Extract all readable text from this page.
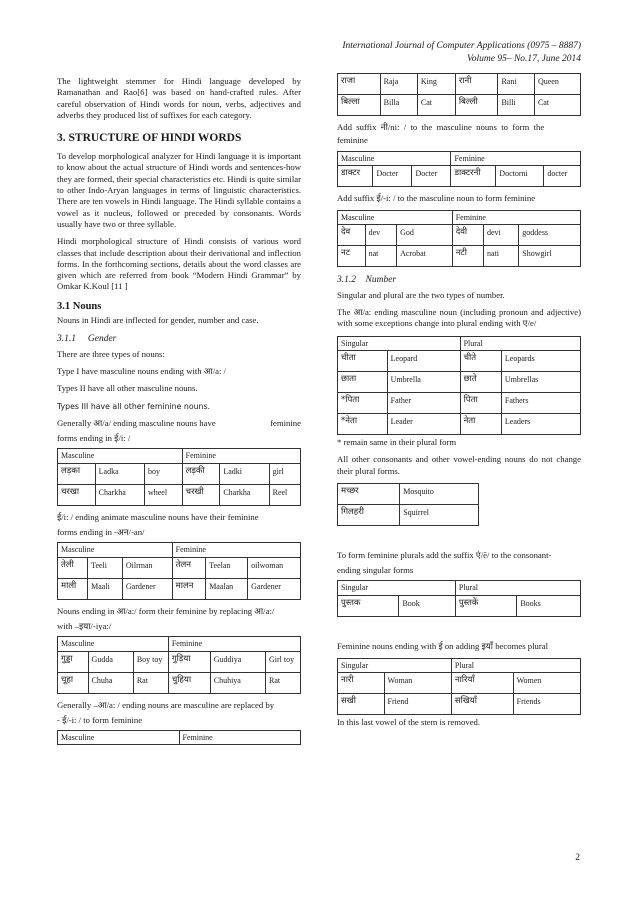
International Journal of Computer Applications (0975 – 8887)
Volume 95– No.17, June 2014

The lightweight stemmer for Hindi language developed by Ramanathan and Rao[6] was based on hand-crafted rules. After careful observation of Hindi words for noun, verbs, adjectives and adverbs they produced list of suffixes for each category.

3. STRUCTURE OF HINDI WORDS

To develop morphological analyzer for Hindi language it is important to know about the actual structure of Hindi words and sentences-how they are formed, their special characteristics etc. Hindi is quite similar to other Indo-Aryan languages in terms of linguistic characteristics. There are ten vowels in Hindi language. The Hindi syllable contains a vowel as it nucleus, followed or preceded by consonants. Words usually have two or three syllable.

Hindi morphological structure of Hindi consists of various word classes that include description about their derivational and inflection forms. In the forthcoming sections, details about the word classes are given which are referred from book “Modern Hindi Grammar” by Omkar K.Koul [11 ]

3.1 Nouns

Nouns in Hindi are inflected for gender, number and case.

3.1.1 Gender

There are three types of nouns:

Type I have masculine nouns ending with आ/a: /

Types II have all other masculine nouns.

Types III have all other feminine nouns.

Generally आ/a/ ending masculine nouns have	feminine
forms ending in ई/i: /
Masculine			Feminine		
लड़का	Ladka	boy	लड़की	Ladki	girl
चरखा	Charkha	wheel	चरखी	Charkha	Reel
ई/i: / ending animate masculine nouns have their feminine
forms ending in -अन/-an/
Masculine			Feminine		
तेली	Teeli	Oilrman	तेलन	Teelan	oilwoman
माली	Maali	Gardener	मालन	Maalan	Gardener
Nouns ending in आ/a:/ form their feminine by replacing आ/a:/
with –इया/-iya:/
Masculine			Feminine		
गुड्डा	Gudda	Boy toy	गुड़िया	Guddiya	Girl toy
चूहा	Chuha	Rat	चुहिया	Chuhiya	Rat
Generally –आ/a: / ending nouns are masculine are replaced by
- ई/-i: / to form feminine
Masculine	Feminine
राजा	Raja	King	रानी	Rani	Queen
बिल्ला	Billa	Cat	बिल्ली	Billi	Cat
Add  suffix  नी/ni:  /  to  the  masculine  nouns  to  form  the
feminine
Masculine			Feminine		
डाक्टर	Docter	Docter	डाक्टरनी	Doctorni	docter

Add suffix ई/-i: / to the masculine noun to form feminine

Masculine			Feminine		
देव	dev	God	देवी	devi	goddess
नट	nat	Acrobat	नटी	nati	Showgirl
3.1.2 Number

Singular and plural are the two types of number.

The आ/a: ending masculine noun (including pronoun and adjective) with some exceptions change into plural ending with ए/e/

Singular		Plural	
चीता	Leopard	चीते	Leopards
छाता	Umbrella	छाते	Umbrellas
*पिता	Father	पिता	Fathers
*नेता	Leader	नेता	Leaders

* remain same in their plural form

All other consonants and other vowel-ending nouns do not change their plural forms.

मच्छर	Mosquito
गिलहरी	Squirrel
To form feminine plurals add the suffix एं/ẽ/ to the consonant-
ending singular forms
Singular		Plural	
पुस्तक	Book	पुस्तकें	Books

Feminine nouns ending with ई on adding इयाँ becomes plural

Singular		Plural	
नारी	Woman	नारियाँ	Women
सखी	Friend	सखियाँ	Friends

In this last vowel of the stem is removed.

2
